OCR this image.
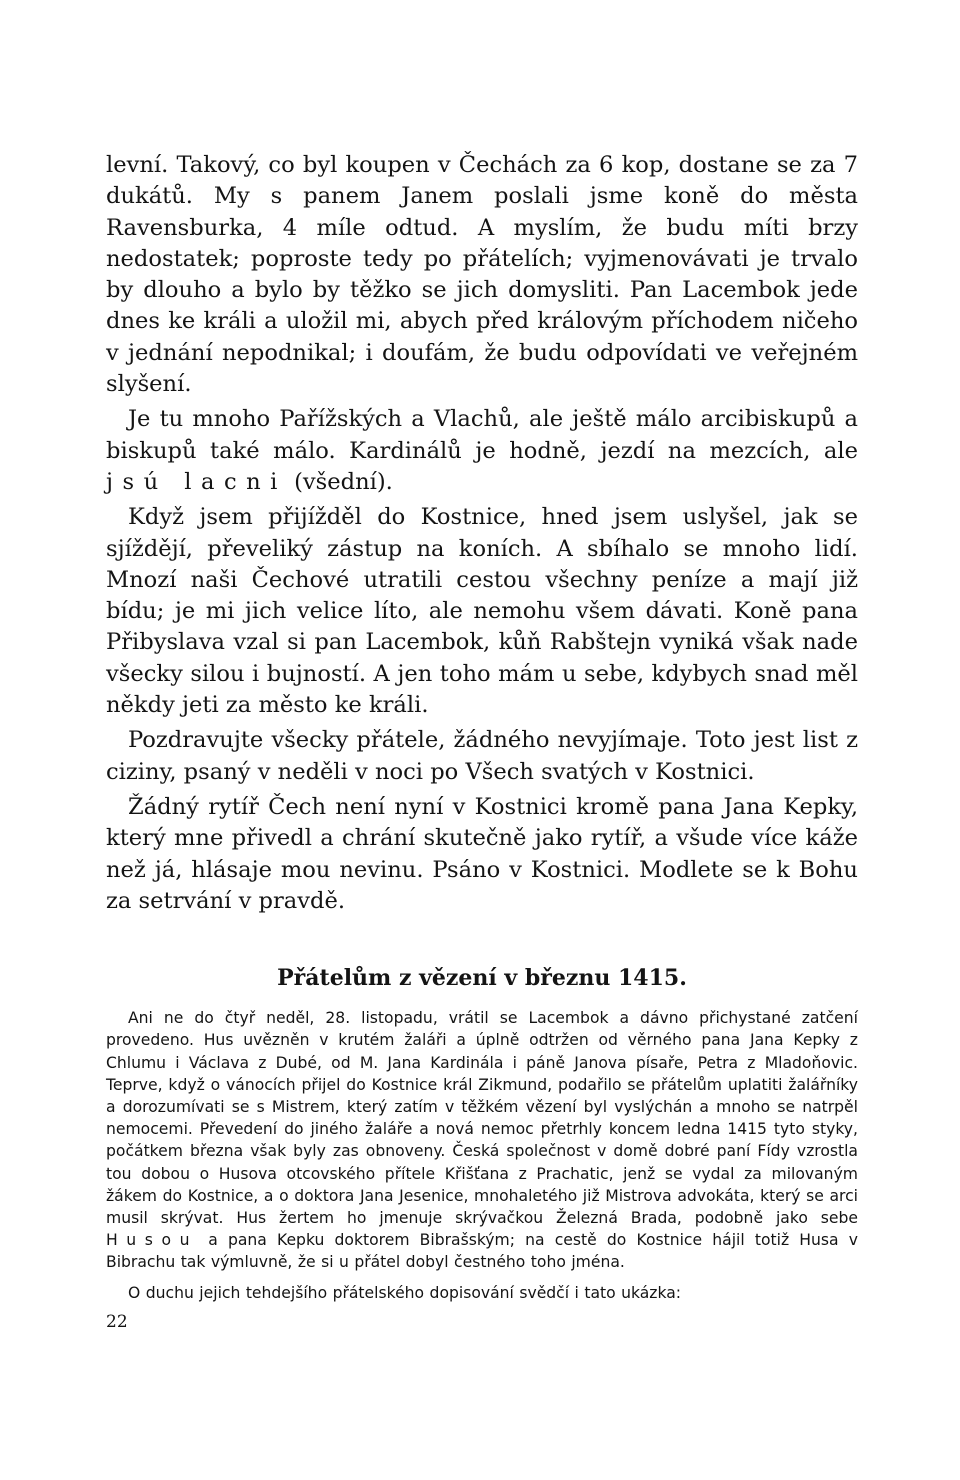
levní. Takový, co byl koupen v Čechách za 6 kop, dostane se za 7 dukátů. My s panem Janem poslali jsme koně do města Ravensburka, 4 míle odtud. A myslím, že budu míti brzy nedostatek; poproste tedy po přátelích; vyjmenovávati je trvalo by dlouho a bylo by těžko se jich domysliti. Pan Lacembok jede dnes ke králi a uložil mi, abych před královým příchodem ničeho v jednání nepodnikal; i doufám, že budu odpovídati ve veřejném slyšení.

Je tu mnoho Pařížských a Vlachů, ale ještě málo arcibiskupů a biskupů také málo. Kardinálů je hodně, jezdí na mezcích, ale jsú lacni (všední).

Když jsem přijížděl do Kostnice, hned jsem uslyšel, jak se sjíždějí, převeliký zástup na koních. A sbíhalo se mnoho lidí. Mnozí naši Čechové utratili cestou všechny peníze a mají již bídu; je mi jich velice líto, ale nemohu všem dávati. Koně pana Přibyslava vzal si pan Lacembok, kůň Rabštejn vyniká však nade všecky silou i bujností. A jen toho mám u sebe, kdybych snad měl někdy jeti za město ke králi.

Pozdravujte všecky přátele, žádného nevyjímaje. Toto jest list z ciziny, psaný v neděli v noci po Všech svatých v Kostnici.

Žádný rytíř Čech není nyní v Kostnici kromě pana Jana Kepky, který mne přivedl a chrání skutečně jako rytíř, a všude více káže než já, hlásaje mou nevinu. Psáno v Kostnici. Modlete se k Bohu za setrvání v pravdě.

Přátelům z vězení v březnu 1415.

Ani ne do čtyř neděl, 28. listopadu, vrátil se Lacembok a dávno přichystané zatčení provedeno. Hus uvězněn v krutém žaláři a úplně odtržen od věrného pana Jana Kepky z Chlumu i Václava z Dubé, od M. Jana Kardinála i páně Janova písaře, Petra z Mladoňovic. Teprve, když o vánocích přijel do Kostnice král Zikmund, podařilo se přátelům uplatiti žalářníky a dorozumívati se s Mistrem, který zatím v těžkém vězení byl vyslýchán a mnoho se natrpěl nemocemi. Převedení do jiného žaláře a nová nemoc přetrhly koncem ledna 1415 tyto styky, počátkem března však byly zas obnoveny. Česká společnost v domě dobré paní Fídy vzrostla tou dobou o Husova otcovského přítele Křišťana z Prachatic, jenž se vydal za milovaným žákem do Kostnice, a o doktora Jana Jesenice, mnohaletého již Mistrova advokáta, který se arci musil skrývat. Hus žertem ho jmenuje skrývačkou Železná Brada, podobně jako sebe Husou a pana Kepku doktorem Bibrašským; na cestě do Kostnice hájil totiž Husa v Bibrachu tak výmluvně, že si u přátel dobyl čestného toho jména.

O duchu jejich tehdejšího přátelského dopisování svědčí i tato ukázka:

22
